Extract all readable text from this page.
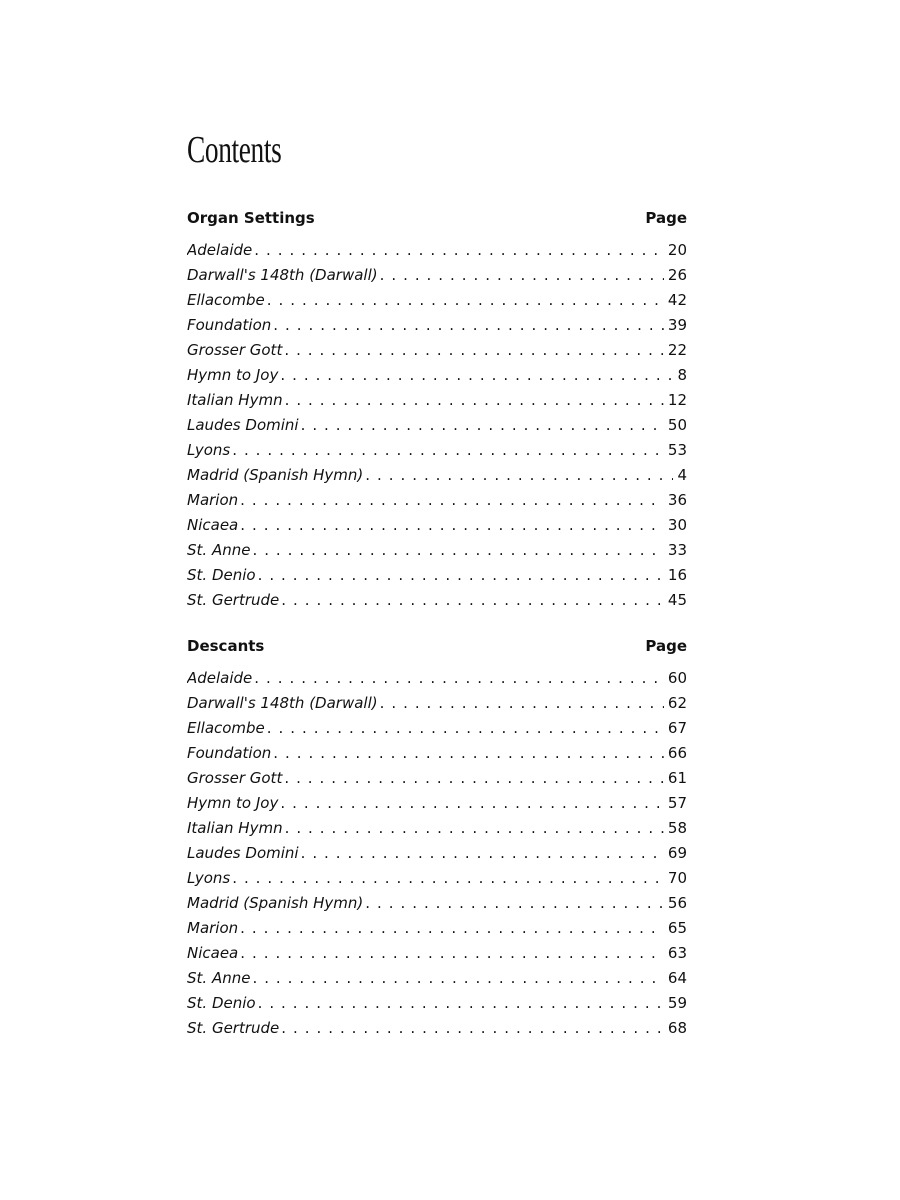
Contents
Organ Settings	Page
Adelaide . . .	20
Darwall's 148th (Darwall) . . .	26
Ellacombe . . .	42
Foundation . . .	39
Grosser Gott . . .	22
Hymn to Joy . . .	8
Italian Hymn . . .	12
Laudes Domini . . .	50
Lyons . . .	53
Madrid (Spanish Hymn) . . .	4
Marion . . .	36
Nicaea . . .	30
St. Anne . . .	33
St. Denio . . .	16
St. Gertrude . . .	45
Descants	Page
Adelaide . . .	60
Darwall's 148th (Darwall) . . .	62
Ellacombe . . .	67
Foundation . . .	66
Grosser Gott . . .	61
Hymn to Joy . . .	57
Italian Hymn . . .	58
Laudes Domini . . .	69
Lyons . . .	70
Madrid (Spanish Hymn) . . .	56
Marion . . .	65
Nicaea . . .	63
St. Anne . . .	64
St. Denio . . .	59
St. Gertrude . . .	68
